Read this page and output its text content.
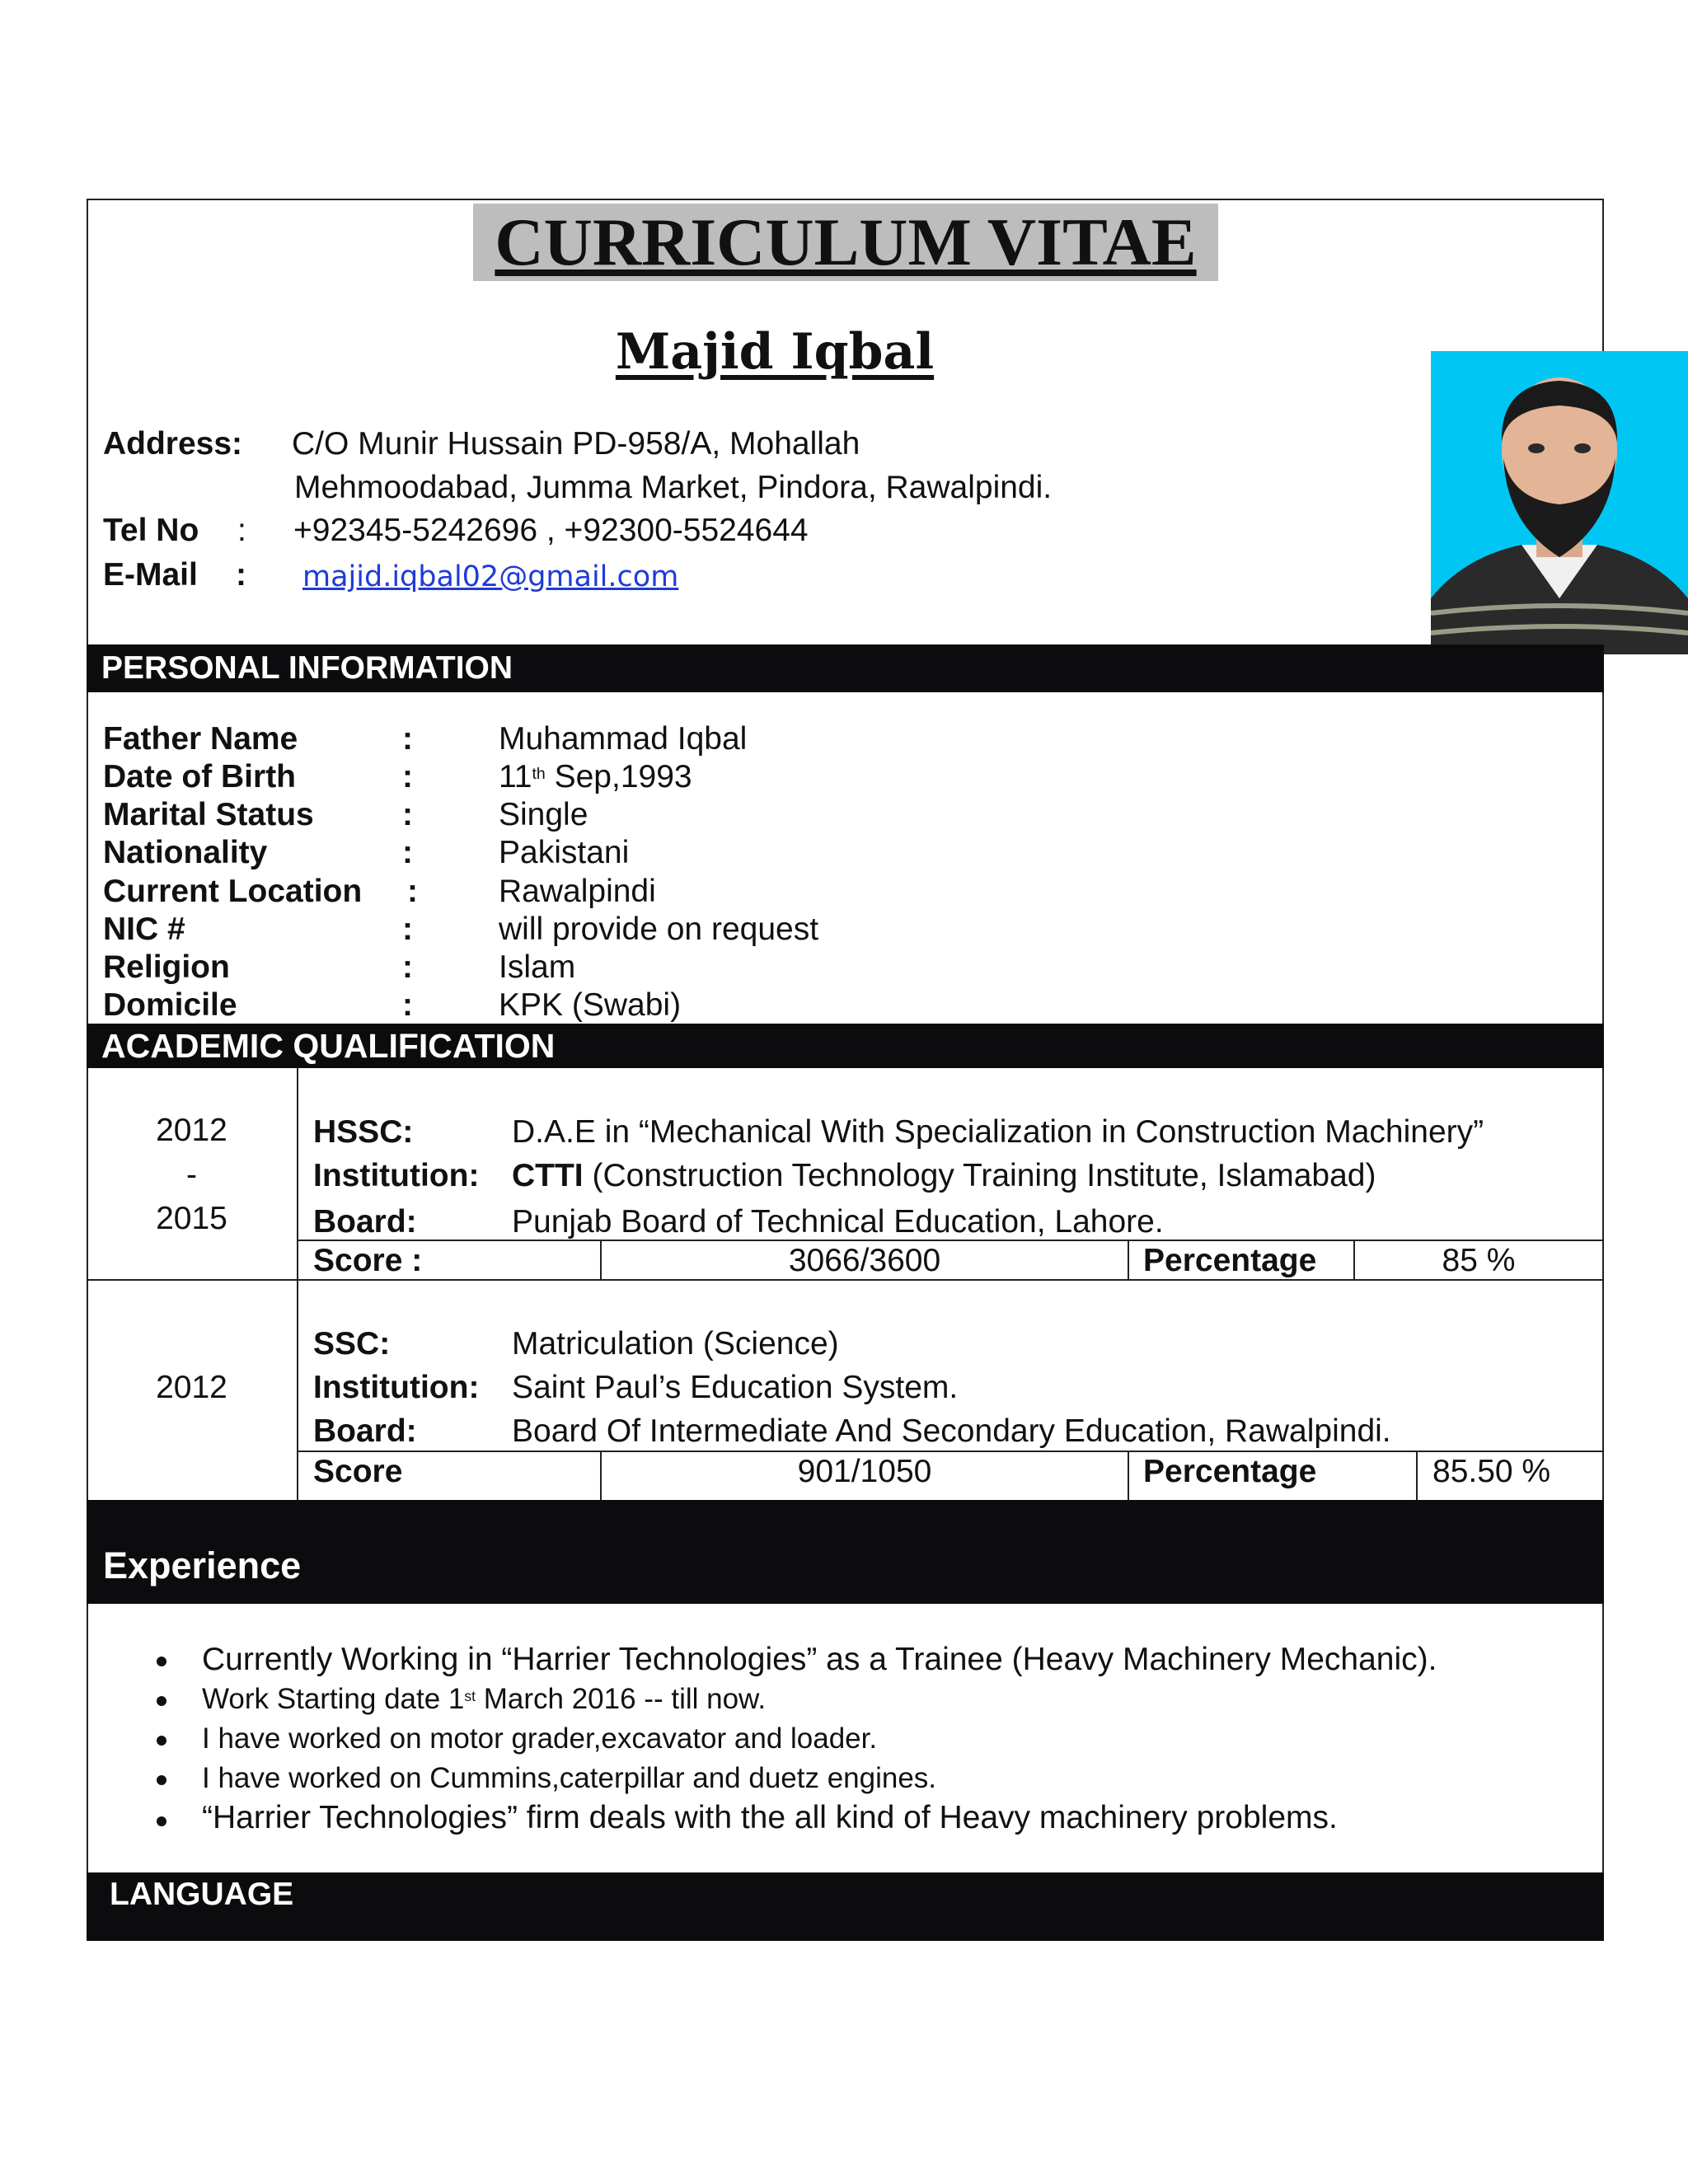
CURRICULUM VITAE
Majid Iqbal
Address: C/O Munir Hussain PD-958/A, Mohallah
Mehmoodabad, Jumma Market, Pindora, Rawalpindi.
Tel No : +92345-5242696 , +92300-5524644
E-Mail : majid.iqbal02@gmail.com
PERSONAL INFORMATION
Father Name	:	Muhammad Iqbal
Date of Birth	:	11th Sep,1993
Marital Status	:	Single
Nationality	:	Pakistani
Current Location :	Rawalpindi
NIC #	:	will provide on request
Religion	:	Islam
Domicile	:	KPK (Swabi)
ACADEMIC QUALIFICATION
2012
-
2015
HSSC:	D.A.E in “Mechanical With Specialization in Construction Machinery”
Institution: CTTI (Construction Technology Training Institute, Islamabad)
Board:	Punjab Board of Technical Education, Lahore.
Score :	3066/3600	Percentage	85 %
2012
SSC:	Matriculation (Science)
Institution: Saint Paul’s Education System.
Board:	Board Of Intermediate And Secondary Education, Rawalpindi.
Score	901/1050	Percentage	85.50 %
Experience
Currently Working in “Harrier Technologies” as a Trainee (Heavy Machinery Mechanic).
Work Starting date 1st March 2016 -- till now.
I have worked on motor grader,excavator and loader.
I have worked on Cummins,caterpillar and duetz engines.
“Harrier Technologies” firm deals with the all kind of Heavy machinery problems.
LANGUAGE
